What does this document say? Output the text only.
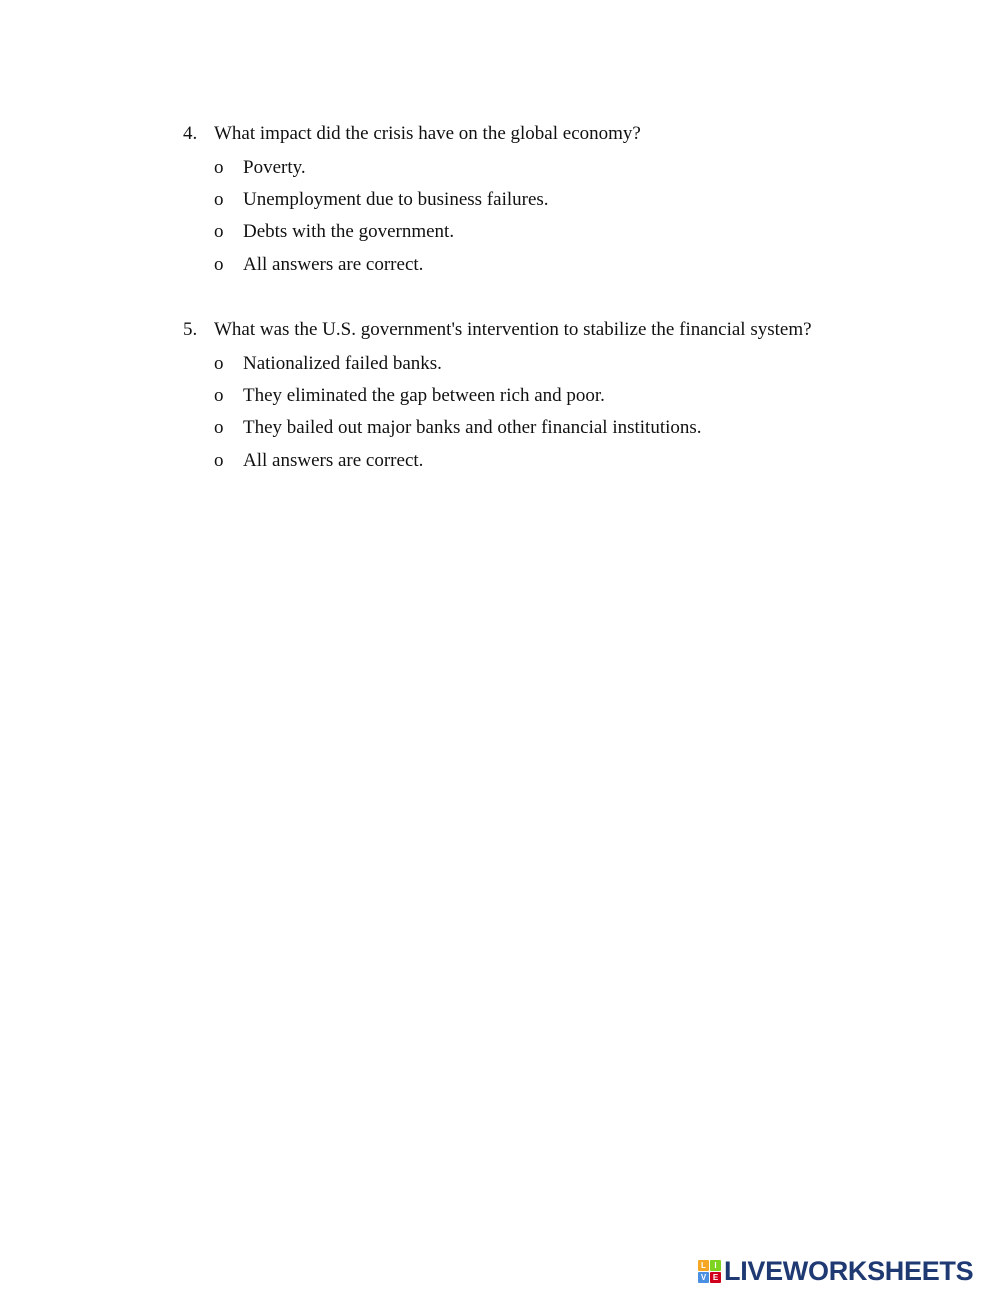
4. What impact did the crisis have on the global economy?
o Poverty.
o Unemployment due to business failures.
o Debts with the government.
o All answers are correct.
5. What was the U.S. government's intervention to stabilize the financial system?
o Nationalized failed banks.
o They eliminated the gap between rich and poor.
o They bailed out major banks and other financial institutions.
o All answers are correct.
L	I
V E LIVEWORKSHEETS
